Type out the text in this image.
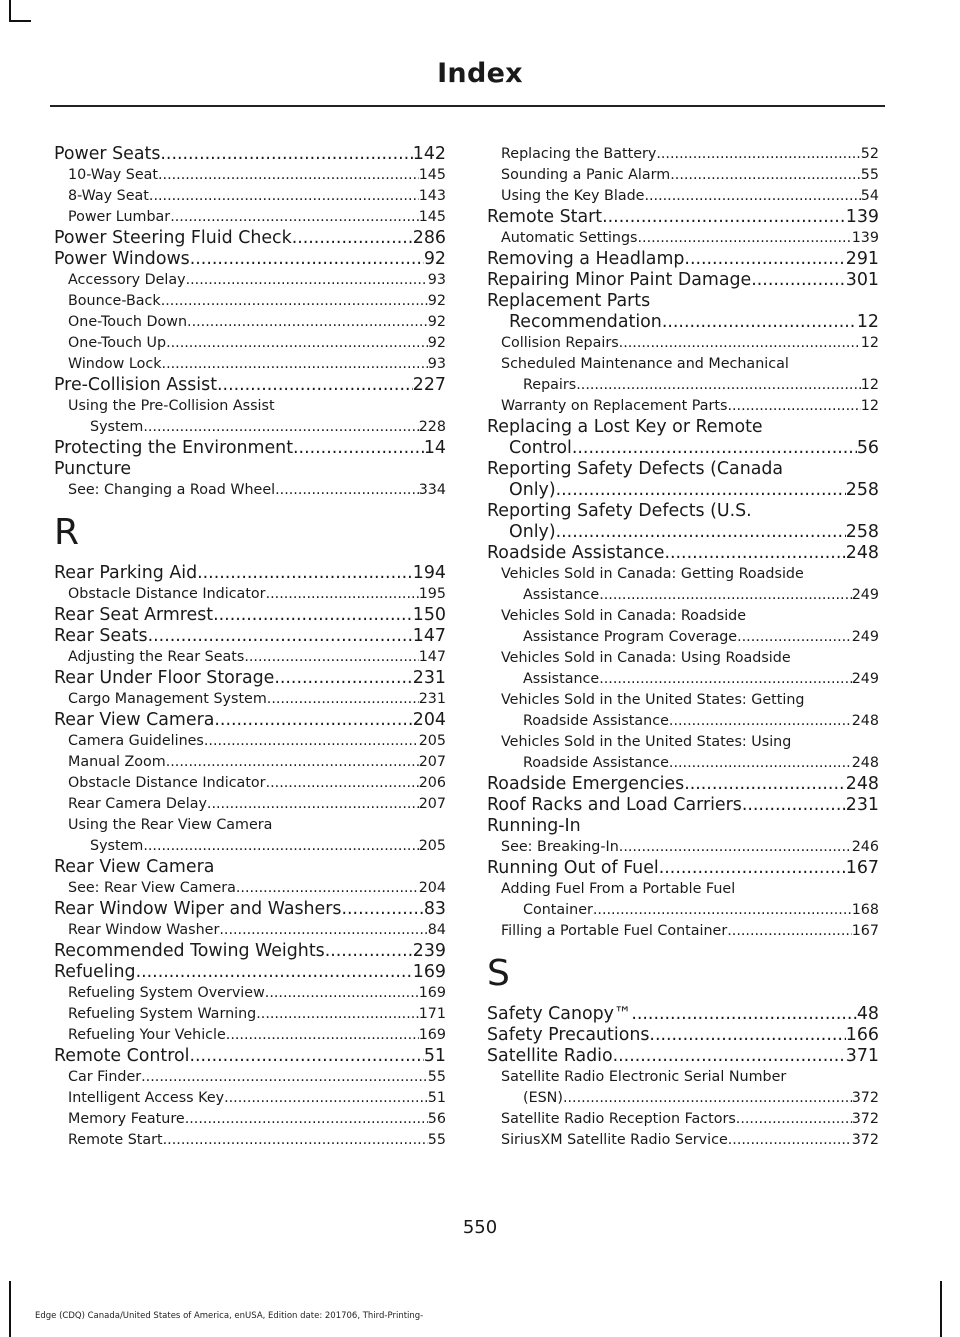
Index
Power Seats .....	142
10-Way Seat .....	145
8-Way Seat .....	143
Power Lumbar .....	145
Power Steering Fluid Check .....	286
Power Windows .....	92
Accessory Delay .....	93
Bounce-Back .....	92
One-Touch Down .....	92
One-Touch Up .....	92
Window Lock .....	93
Pre-Collision Assist .....	227
Using the Pre-Collision Assist
System .....	228
Protecting the Environment .....	14
Puncture
See: Changing a Road Wheel .....	334
R
Rear Parking Aid .....	194
Obstacle Distance Indicator .....	195
Rear Seat Armrest .....	150
Rear Seats .....	147
Adjusting the Rear Seats .....	147
Rear Under Floor Storage .....	231
Cargo Management System .....	231
Rear View Camera .....	204
Camera Guidelines .....	205
Manual Zoom .....	207
Obstacle Distance Indicator .....	206
Rear Camera Delay .....	207
Using the Rear View Camera
System .....	205
Rear View Camera
See: Rear View Camera .....	204
Rear Window Wiper and Washers .....	83
Rear Window Washer .....	84
Recommended Towing Weights .....	239
Refueling .....	169
Refueling System Overview .....	169
Refueling System Warning .....	171
Refueling Your Vehicle .....	169
Remote Control .....	51
Car Finder .....	55
Intelligent Access Key .....	51
Memory Feature .....	56
Remote Start .....	55
Replacing the Battery .....	52
Sounding a Panic Alarm .....	55
Using the Key Blade .....	54
Remote Start .....	139
Automatic Settings .....	139
Removing a Headlamp .....	291
Repairing Minor Paint Damage .....	301
Replacement Parts
Recommendation .....	12
Collision Repairs .....	12
Scheduled Maintenance and Mechanical
Repairs .....	12
Warranty on Replacement Parts .....	12
Replacing a Lost Key or Remote
Control .....	56
Reporting Safety Defects (Canada
Only) .....	258
Reporting Safety Defects (U.S.
Only) .....	258
Roadside Assistance .....	248
Vehicles Sold in Canada: Getting Roadside
Assistance .....	249
Vehicles Sold in Canada: Roadside
Assistance Program Coverage .....	249
Vehicles Sold in Canada: Using Roadside
Assistance .....	249
Vehicles Sold in the United States: Getting
Roadside Assistance .....	248
Vehicles Sold in the United States: Using
Roadside Assistance .....	248
Roadside Emergencies .....	248
Roof Racks and Load Carriers .....	231
Running-In
See: Breaking-In .....	246
Running Out of Fuel .....	167
Adding Fuel From a Portable Fuel
Container .....	168
Filling a Portable Fuel Container .....	167
S
Safety Canopy™ .....	48
Safety Precautions .....	166
Satellite Radio .....	371
Satellite Radio Electronic Serial Number
(ESN) .....	372
Satellite Radio Reception Factors .....	372
SiriusXM Satellite Radio Service .....	372
550
Edge (CDQ) Canada/United States of America, enUSA, Edition date: 201706, Third-Printing-
